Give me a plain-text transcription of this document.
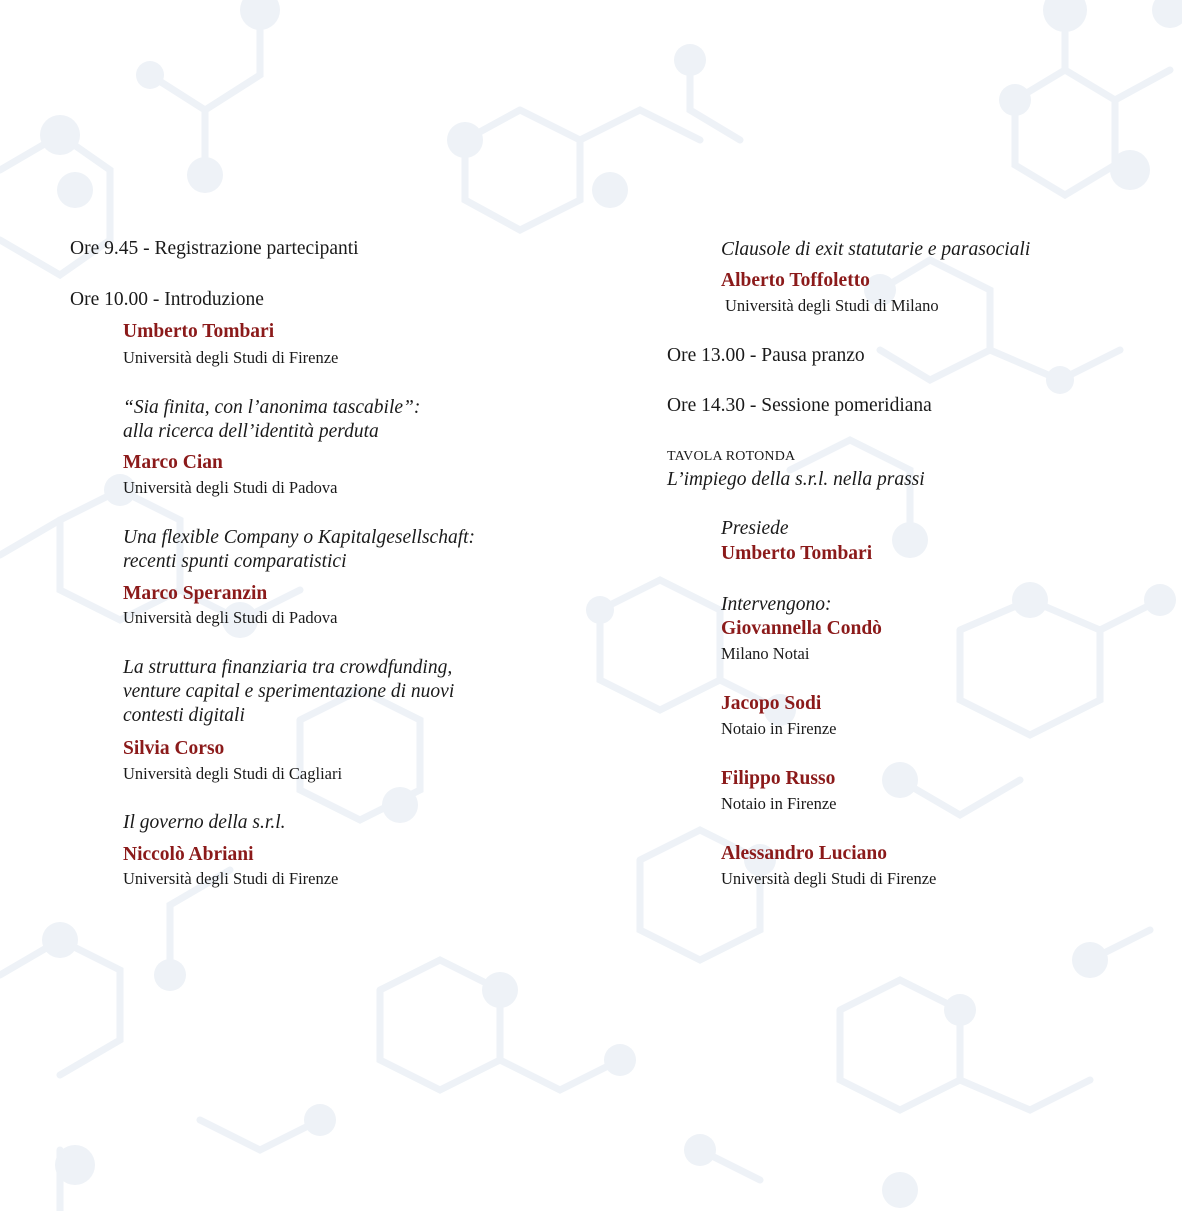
Ore 9.45 - Registrazione partecipanti
Ore 10.00 - Introduzione
Umberto Tombari
Università degli Studi di Firenze
“Sia finita, con l’anonima tascabile”:
alla ricerca dell’identità perduta
Marco Cian
Università degli Studi di Padova
Una flexible Company o Kapitalgesellschaft:
recenti spunti comparatistici
Marco Speranzin
Università degli Studi di Padova
La struttura finanziaria tra crowdfunding,
venture capital e sperimentazione di nuovi
contesti digitali
Silvia Corso
Università degli Studi di Cagliari
Il governo della s.r.l.
Niccolò Abriani
Università degli Studi di Firenze
Clausole di exit statutarie e parasociali
Alberto Toffoletto
Università degli Studi di Milano
Ore 13.00 - Pausa pranzo
Ore 14.30 - Sessione pomeridiana
TAVOLA ROTONDA
L’impiego della s.r.l. nella prassi
Presiede
Umberto Tombari
Intervengono:
Giovannella Condò
Milano Notai
Jacopo Sodi
Notaio in Firenze
Filippo Russo
Notaio in Firenze
Alessandro Luciano
Università degli Studi di Firenze
